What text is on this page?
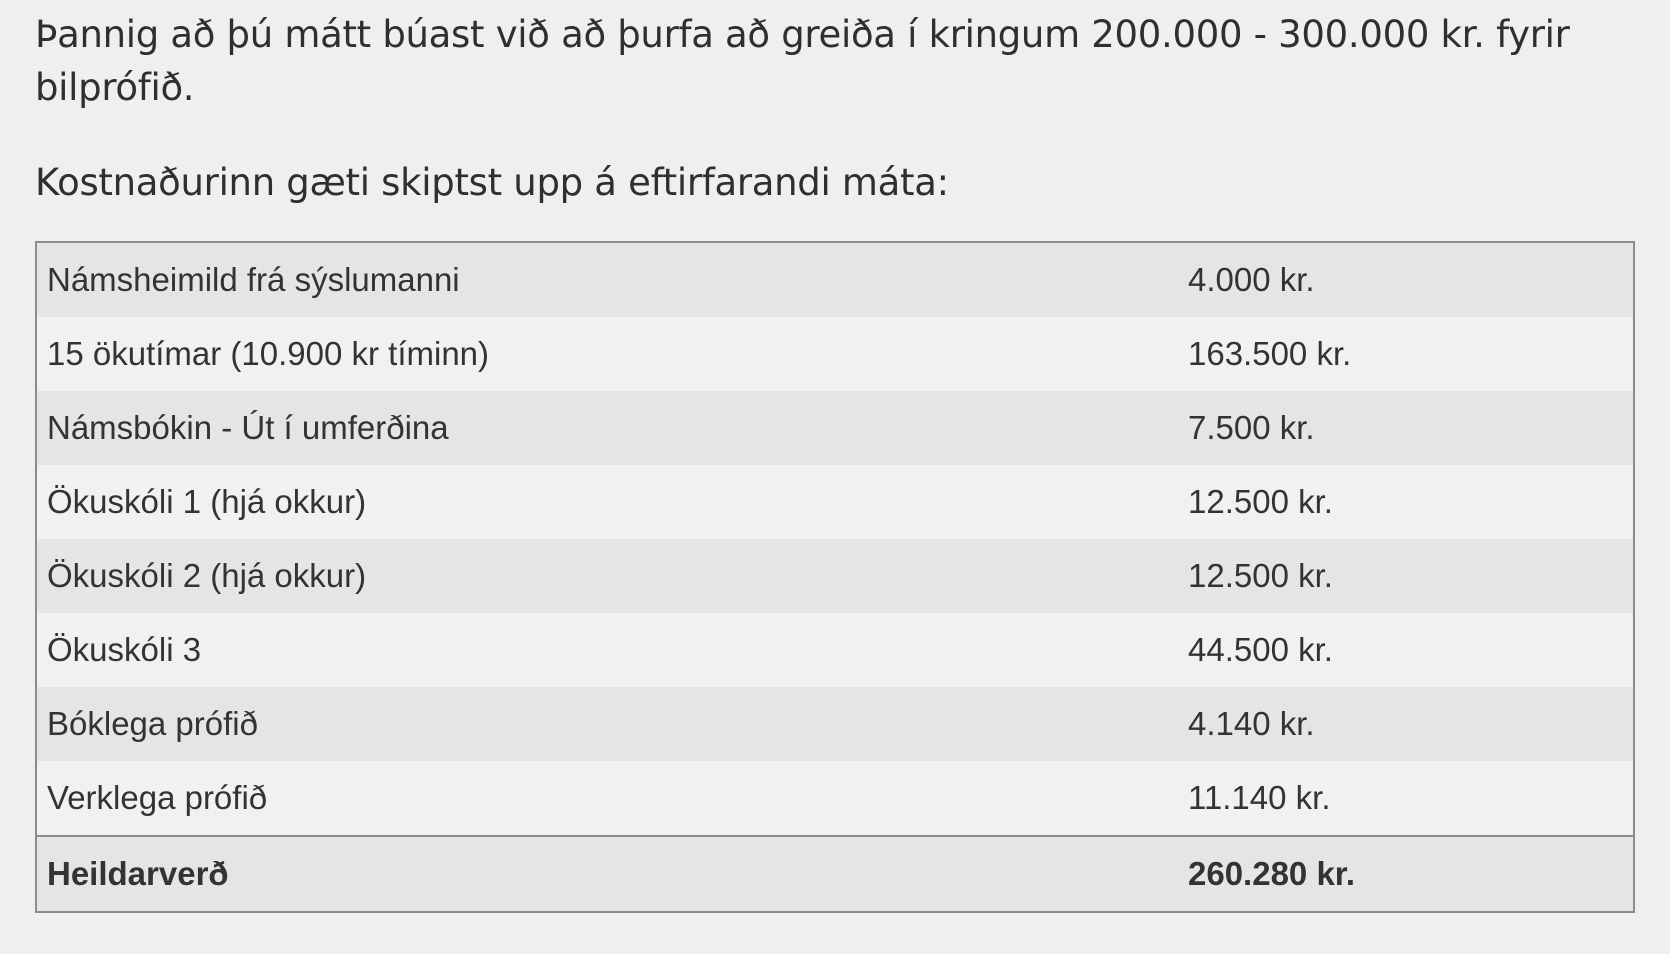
Þannig að þú mátt búast við að þurfa að greiða í kringum 200.000 - 300.000 kr. fyrir bilprófið.

Kostnaðurinn gæti skiptst upp á eftirfarandi máta:

Námsheimild frá sýslumanni	4.000 kr.
15 ökutímar (10.900 kr tíminn)	163.500 kr.
Námsbókin - Út í umferðina	7.500 kr.
Ökuskóli 1 (hjá okkur)	12.500 kr.
Ökuskóli 2 (hjá okkur)	12.500 kr.
Ökuskóli 3	44.500 kr.
Bóklega prófið	4.140 kr.
Verklega prófið	11.140 kr.
Heildarverð	260.280 kr.
